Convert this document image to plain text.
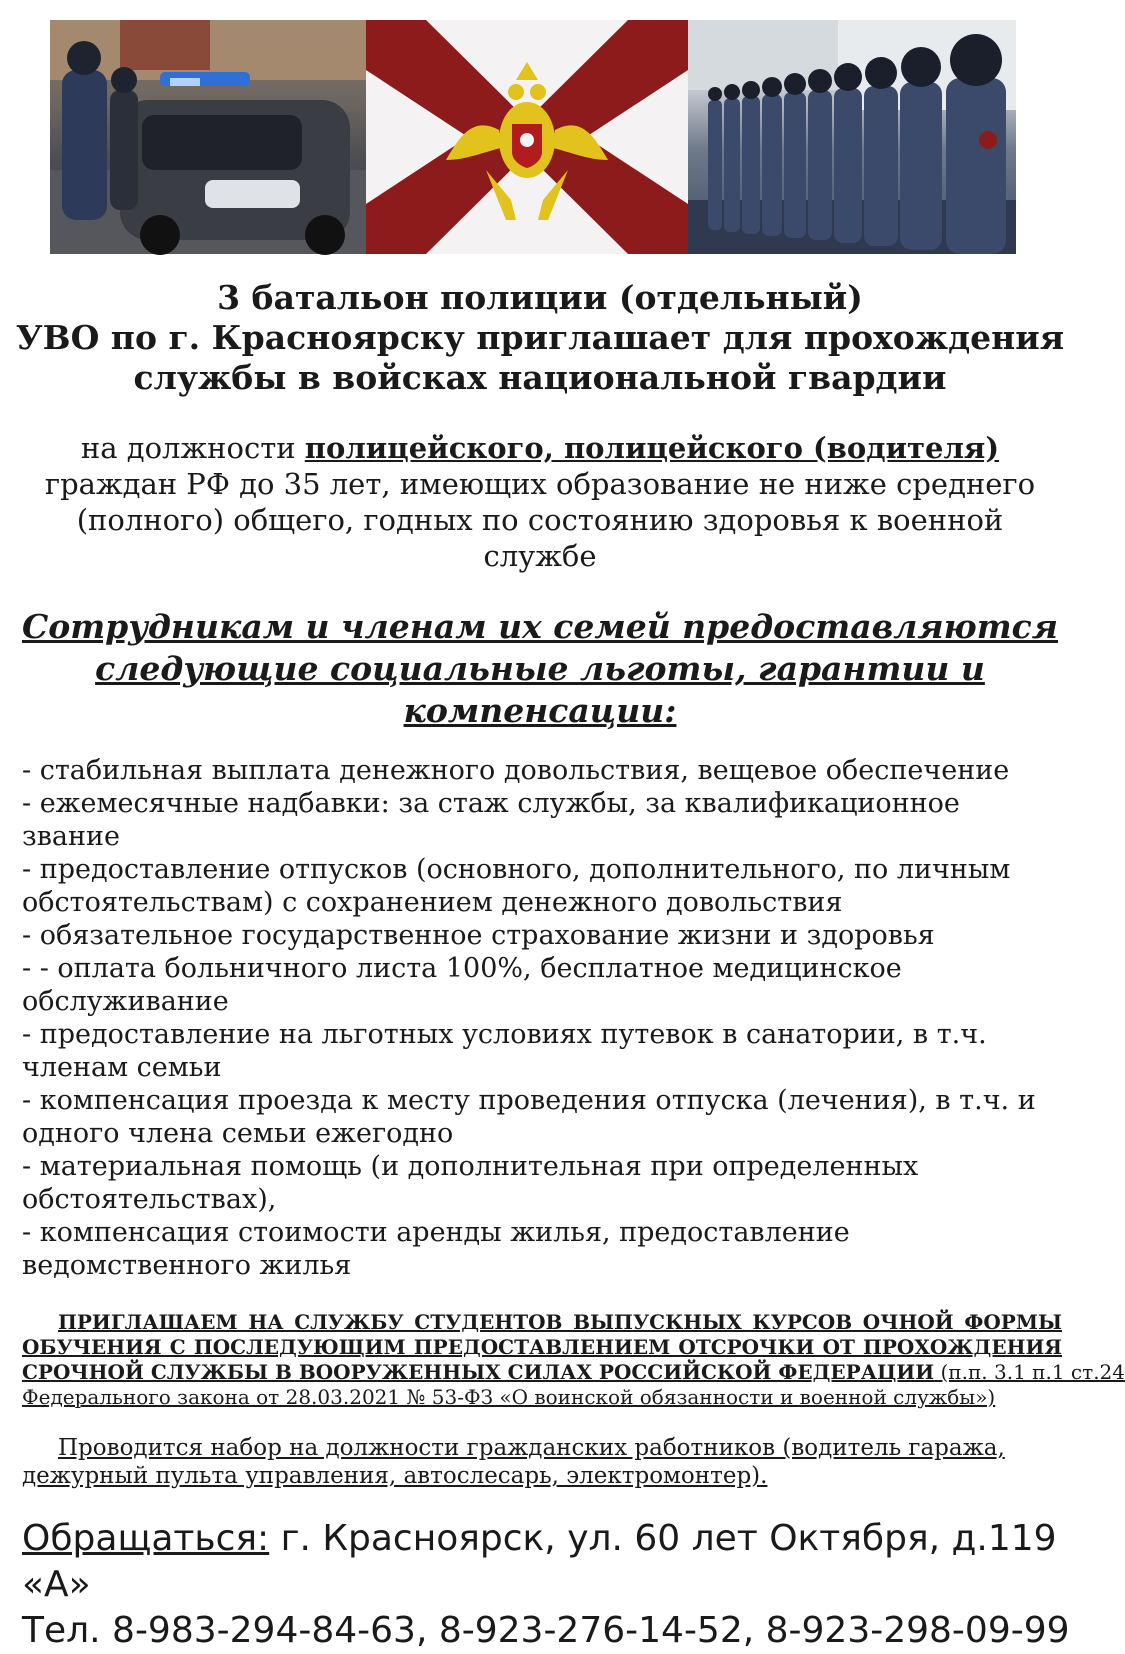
3 батальон полиции (отдельный)
УВО по г. Красноярску приглашает для прохождения
службы в войсках национальной гвардии
на должности полицейского, полицейского (водителя)
граждан РФ до 35 лет, имеющих образование не ниже среднего
(полного) общего, годных по состоянию здоровья к военной
службе
Сотрудникам и членам их семей предоставляются
следующие социальные льготы, гарантии и
компенсации:
- стабильная выплата денежного довольствия, вещевое обеспечение
- ежемесячные надбавки: за стаж службы, за квалификационное
звание
- предоставление отпусков (основного, дополнительного, по личным
обстоятельствам) с сохранением денежного довольствия
- обязательное государственное страхование жизни и здоровья
- - оплата больничного листа 100%, бесплатное медицинское
обслуживание
- предоставление на льготных условиях путевок в санатории, в т.ч.
членам семьи
- компенсация проезда к месту проведения отпуска (лечения), в т.ч. и
одного члена семьи ежегодно
- материальная помощь (и дополнительная при определенных
обстоятельствах),
- компенсация стоимости аренды жилья, предоставление
ведомственного жилья
ПРИГЛАШАЕМ НА СЛУЖБУ СТУДЕНТОВ ВЫПУСКНЫХ КУРСОВ ОЧНОЙ ФОРМЫ
ОБУЧЕНИЯ С ПОСЛЕДУЮЩИМ ПРЕДОСТАВЛЕНИЕМ ОТСРОЧКИ ОТ ПРОХОЖДЕНИЯ
СРОЧНОЙ СЛУЖБЫ В ВООРУЖЕННЫХ СИЛАХ РОССИЙСКОЙ ФЕДЕРАЦИИ (п.п. 3.1 п.1 ст.24
Федерального закона от 28.03.2021 № 53-ФЗ «О воинской обязанности и военной службы»)
Проводится набор на должности гражданских работников (водитель гаража,
дежурный пульта управления, автослесарь, электромонтер).
Обращаться: г. Красноярск, ул. 60 лет Октября, д.119
«А»
Тел. 8-983-294-84-63, 8-923-276-14-52, 8-923-298-09-99
